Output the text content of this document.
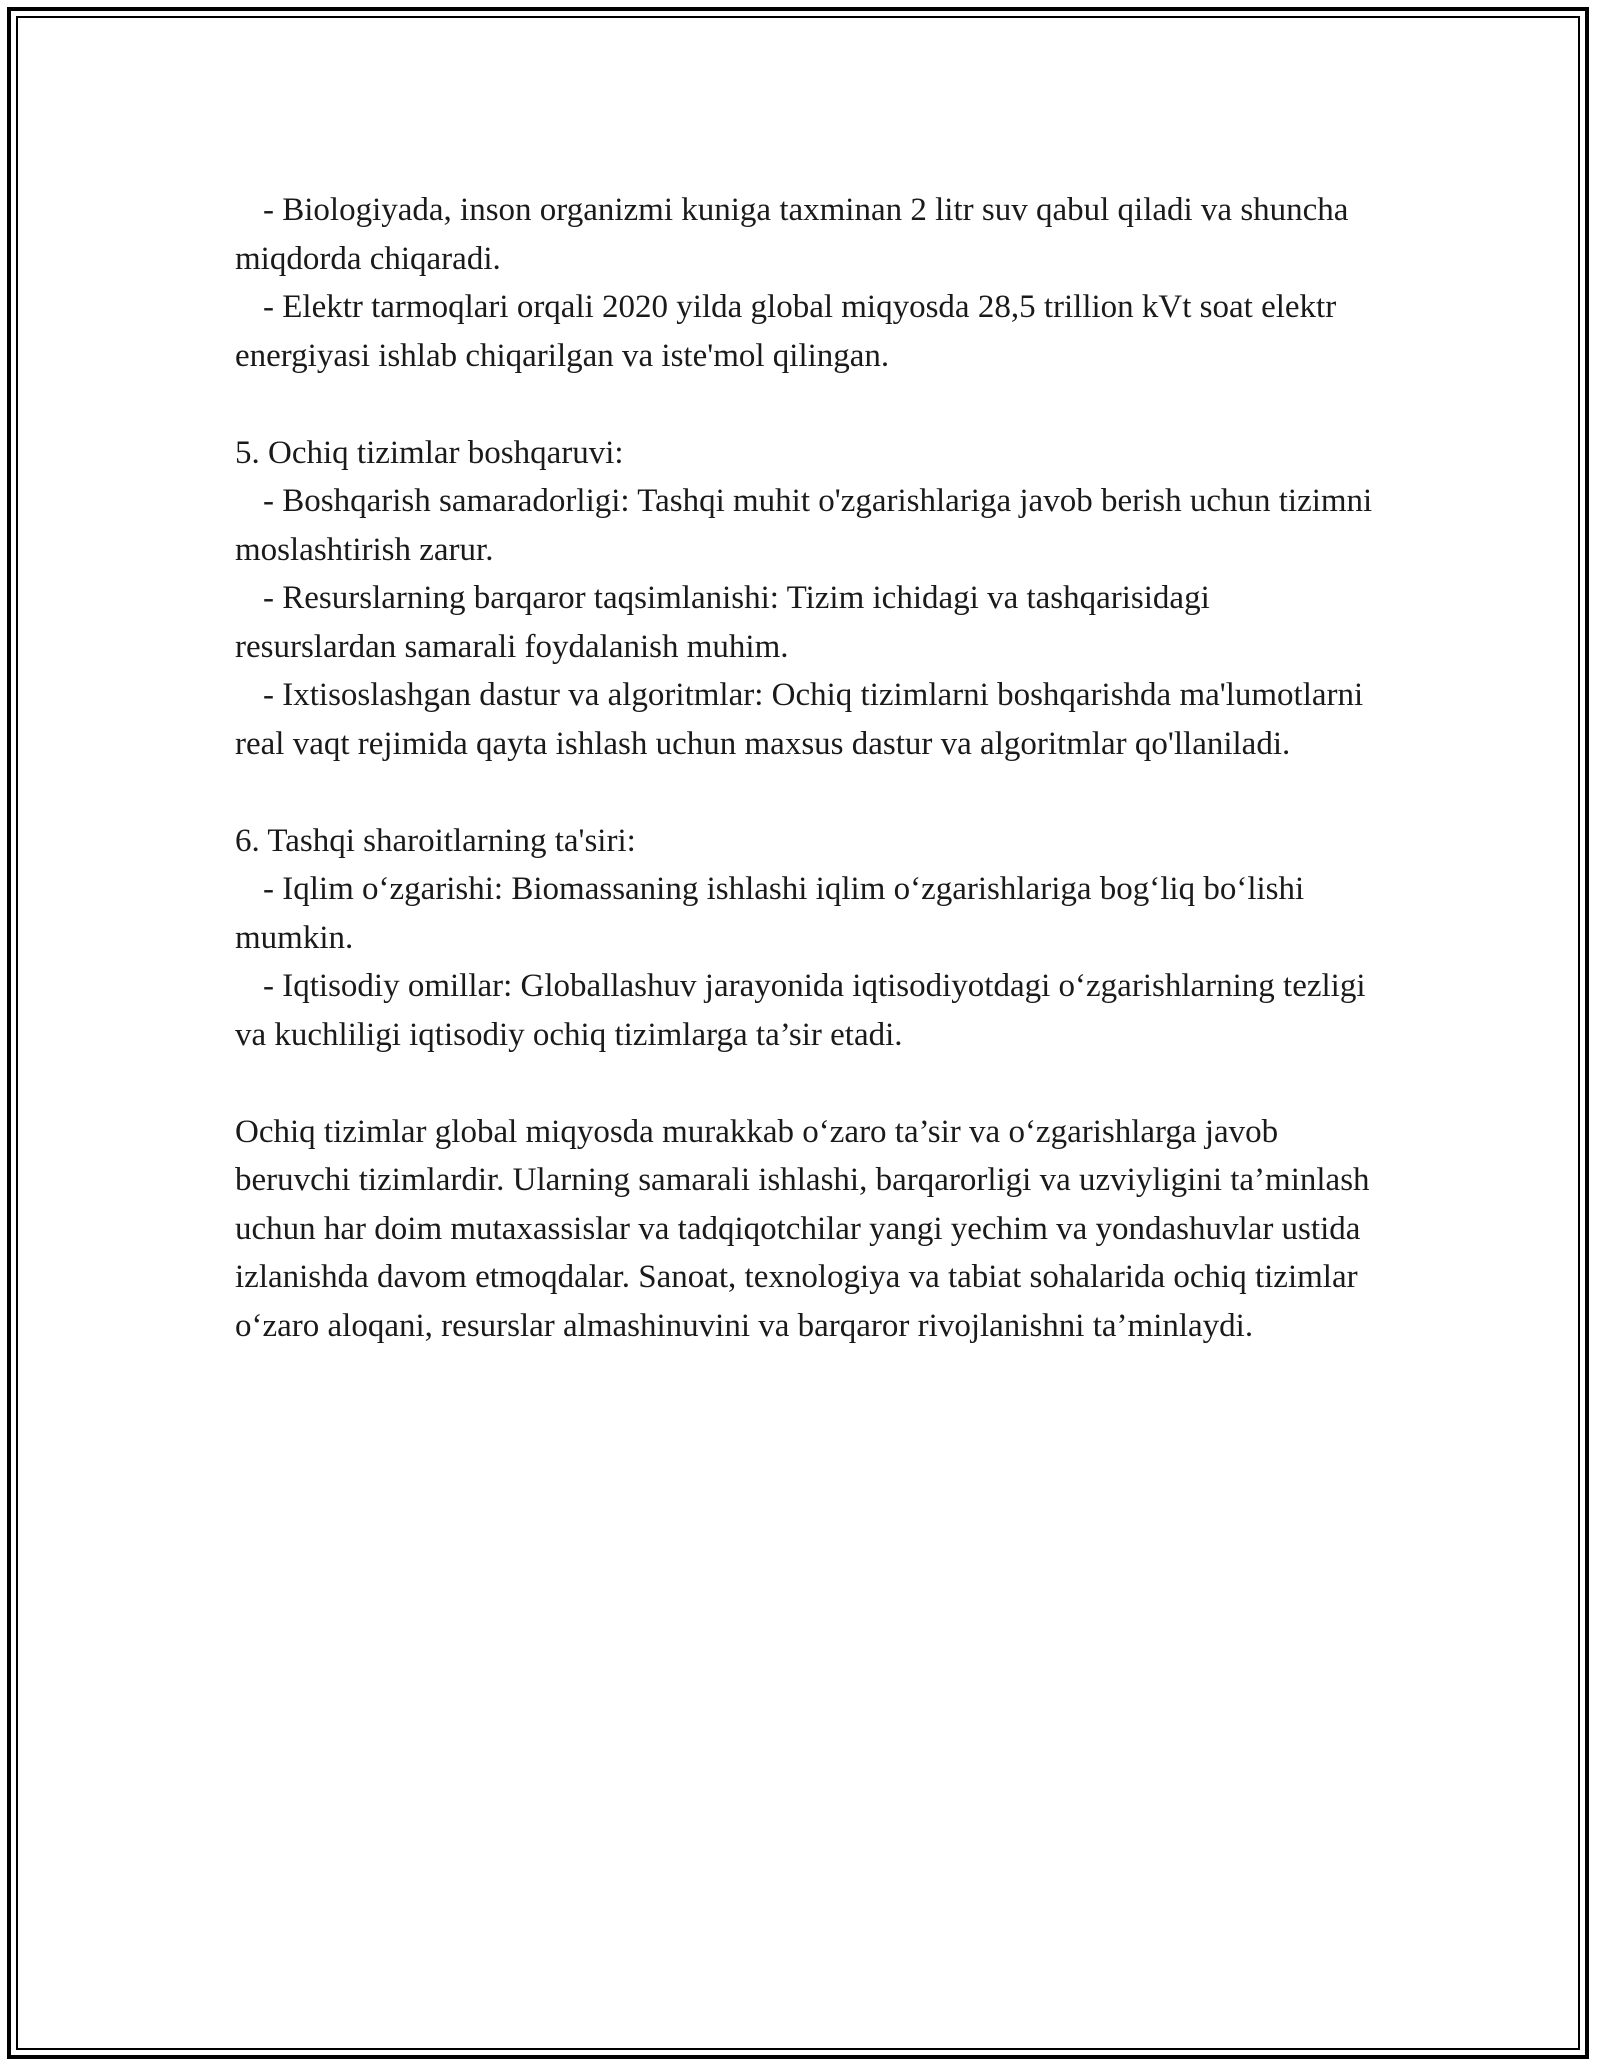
- Biologiyada, inson organizmi kuniga taxminan 2 litr suv qabul qiladi va shuncha miqdorda chiqaradi.
- Elektr tarmoqlari orqali 2020 yilda global miqyosda 28,5 trillion kVt soat elektr energiyasi ishlab chiqarilgan va iste'mol qilingan.
5. Ochiq tizimlar boshqaruvi:
- Boshqarish samaradorligi: Tashqi muhit o'zgarishlariga javob berish uchun tizimni moslashtirish zarur.
- Resurslarning barqaror taqsimlanishi: Tizim ichidagi va tashqarisidagi resurslardan samarali foydalanish muhim.
- Ixtisoslashgan dastur va algoritmlar: Ochiq tizimlarni boshqarishda ma'lumotlarni real vaqt rejimida qayta ishlash uchun maxsus dastur va algoritmlar qo'llaniladi.
6. Tashqi sharoitlarning ta'siri:
- Iqlim o‘zgarishi: Biomassaning ishlashi iqlim o‘zgarishlariga bog‘liq bo‘lishi mumkin.
- Iqtisodiy omillar: Globallashuv jarayonida iqtisodiyotdagi o‘zgarishlarning tezligi va kuchliligi iqtisodiy ochiq tizimlarga ta’sir etadi.
Ochiq tizimlar global miqyosda murakkab o‘zaro ta’sir va o‘zgarishlarga javob beruvchi tizimlardir. Ularning samarali ishlashi, barqarorligi va uzviyligini ta’minlash uchun har doim mutaxassislar va tadqiqotchilar yangi yechim va yondashuvlar ustida izlanishda davom etmoqdalar. Sanoat, texnologiya va tabiat sohalarida ochiq tizimlar o‘zaro aloqani, resurslar almashinuvini va barqaror rivojlanishni ta’minlaydi.
